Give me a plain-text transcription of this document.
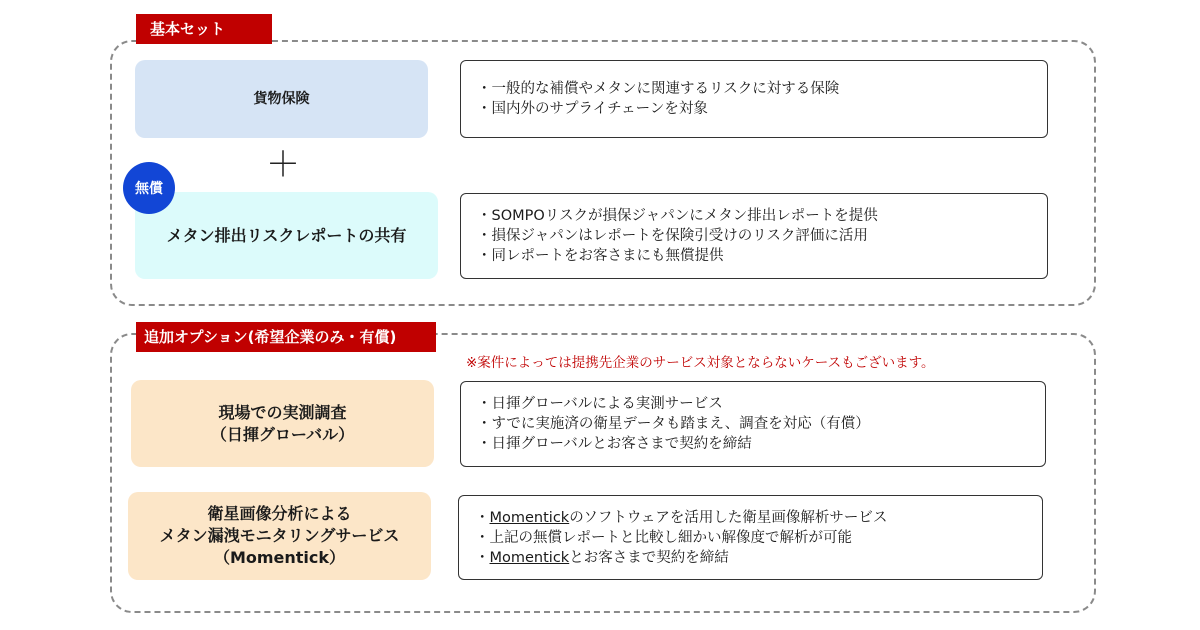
基本セット
貨物保険
・一般的な補償やメタンに関連するリスクに対する保険
・国内外のサプライチェーンを対象
＋
メタン排出リスクレポートの共有
無償
・SOMPOリスクが損保ジャパンにメタン排出レポートを提供
・損保ジャパンはレポートを保険引受けのリスク評価に活用
・同レポートをお客さまにも無償提供
追加オプション(希望企業のみ・有償)
※案件によっては提携先企業のサービス対象とならないケースもございます。
現場での実測調査
（日揮グローバル）
・日揮グローバルによる実測サービス
・すでに実施済の衛星データも踏まえ、調査を対応（有償）
・日揮グローバルとお客さまで契約を締結
衛星画像分析による
メタン漏洩モニタリングサービス
（Momentick）
・Momentickのソフトウェアを活用した衛星画像解析サービス
・上記の無償レポートと比較し細かい解像度で解析が可能
・Momentickとお客さまで契約を締結
